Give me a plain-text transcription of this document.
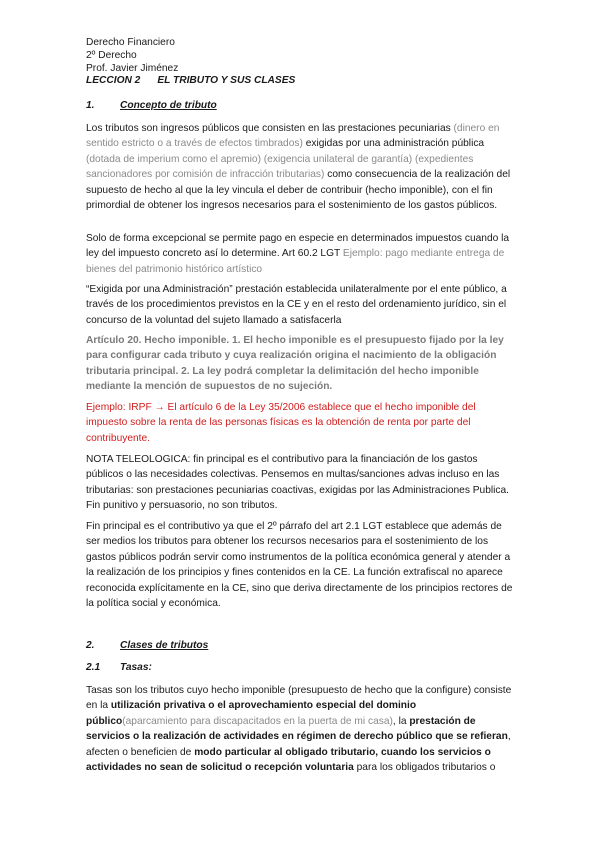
Derecho Financiero
2º Derecho
Prof. Javier Jiménez
LECCION 2 EL TRIBUTO Y SUS CLASES
1.	Concepto de tributo
Los tributos son ingresos públicos que consisten en las prestaciones pecuniarias (dinero en sentido estricto o a través de efectos timbrados) exigidas por una administración pública (dotada de imperium como el apremio) (exigencia unilateral de garantía) (expedientes sancionadores por comisión de infracción tributarias) como consecuencia de la realización del supuesto de hecho al que la ley vincula el deber de contribuir (hecho imponible), con el fin primordial de obtener los ingresos necesarios para el sostenimiento de los gastos públicos.
Solo de forma excepcional se permite pago en especie en determinados impuestos cuando la ley del impuesto concreto así lo determine. Art 60.2 LGT Ejemplo: pago mediante entrega de bienes del patrimonio histórico artístico
“Exigida por una Administración” prestación establecida unilateralmente por el ente público, a través de los procedimientos previstos en la CE y en el resto del ordenamiento jurídico, sin el concurso de la voluntad del sujeto llamado a satisfacerla
Artículo 20. Hecho imponible. 1. El hecho imponible es el presupuesto fijado por la ley para configurar cada tributo y cuya realización origina el nacimiento de la obligación tributaria principal. 2. La ley podrá completar la delimitación del hecho imponible mediante la mención de supuestos de no sujeción.
Ejemplo: IRPF → El artículo 6 de la Ley 35/2006 establece que el hecho imponible del impuesto sobre la renta de las personas físicas es la obtención de renta por parte del contribuyente.
NOTA TELEOLOGICA: fin principal es el contributivo para la financiación de los gastos públicos o las necesidades colectivas. Pensemos en multas/sanciones advas incluso en las tributarias: son prestaciones pecuniarias coactivas, exigidas por las Administraciones Publica. Fin punitivo y persuasorio, no son tributos.
Fin principal es el contributivo ya que el 2º párrafo del art 2.1 LGT establece que además de ser medios los tributos para obtener los recursos necesarios para el sostenimiento de los gastos públicos podrán servir como instrumentos de la política económica general y atender a la realización de los principios y fines contenidos en la CE. La función extrafiscal no aparece reconocida explícitamente en la CE, sino que deriva directamente de los principios rectores de la política social y económica.
2.	Clases de tributos
2.1 Tasas:
Tasas son los tributos cuyo hecho imponible (presupuesto de hecho que la configure) consiste en la utilización privativa o el aprovechamiento especial del dominio público(aparcamiento para discapacitados en la puerta de mi casa), la prestación de servicios o la realización de actividades en régimen de derecho público que se refieran, afecten o beneficien de modo particular al obligado tributario, cuando los servicios o actividades no sean de solicitud o recepción voluntaria para los obligados tributarios o
